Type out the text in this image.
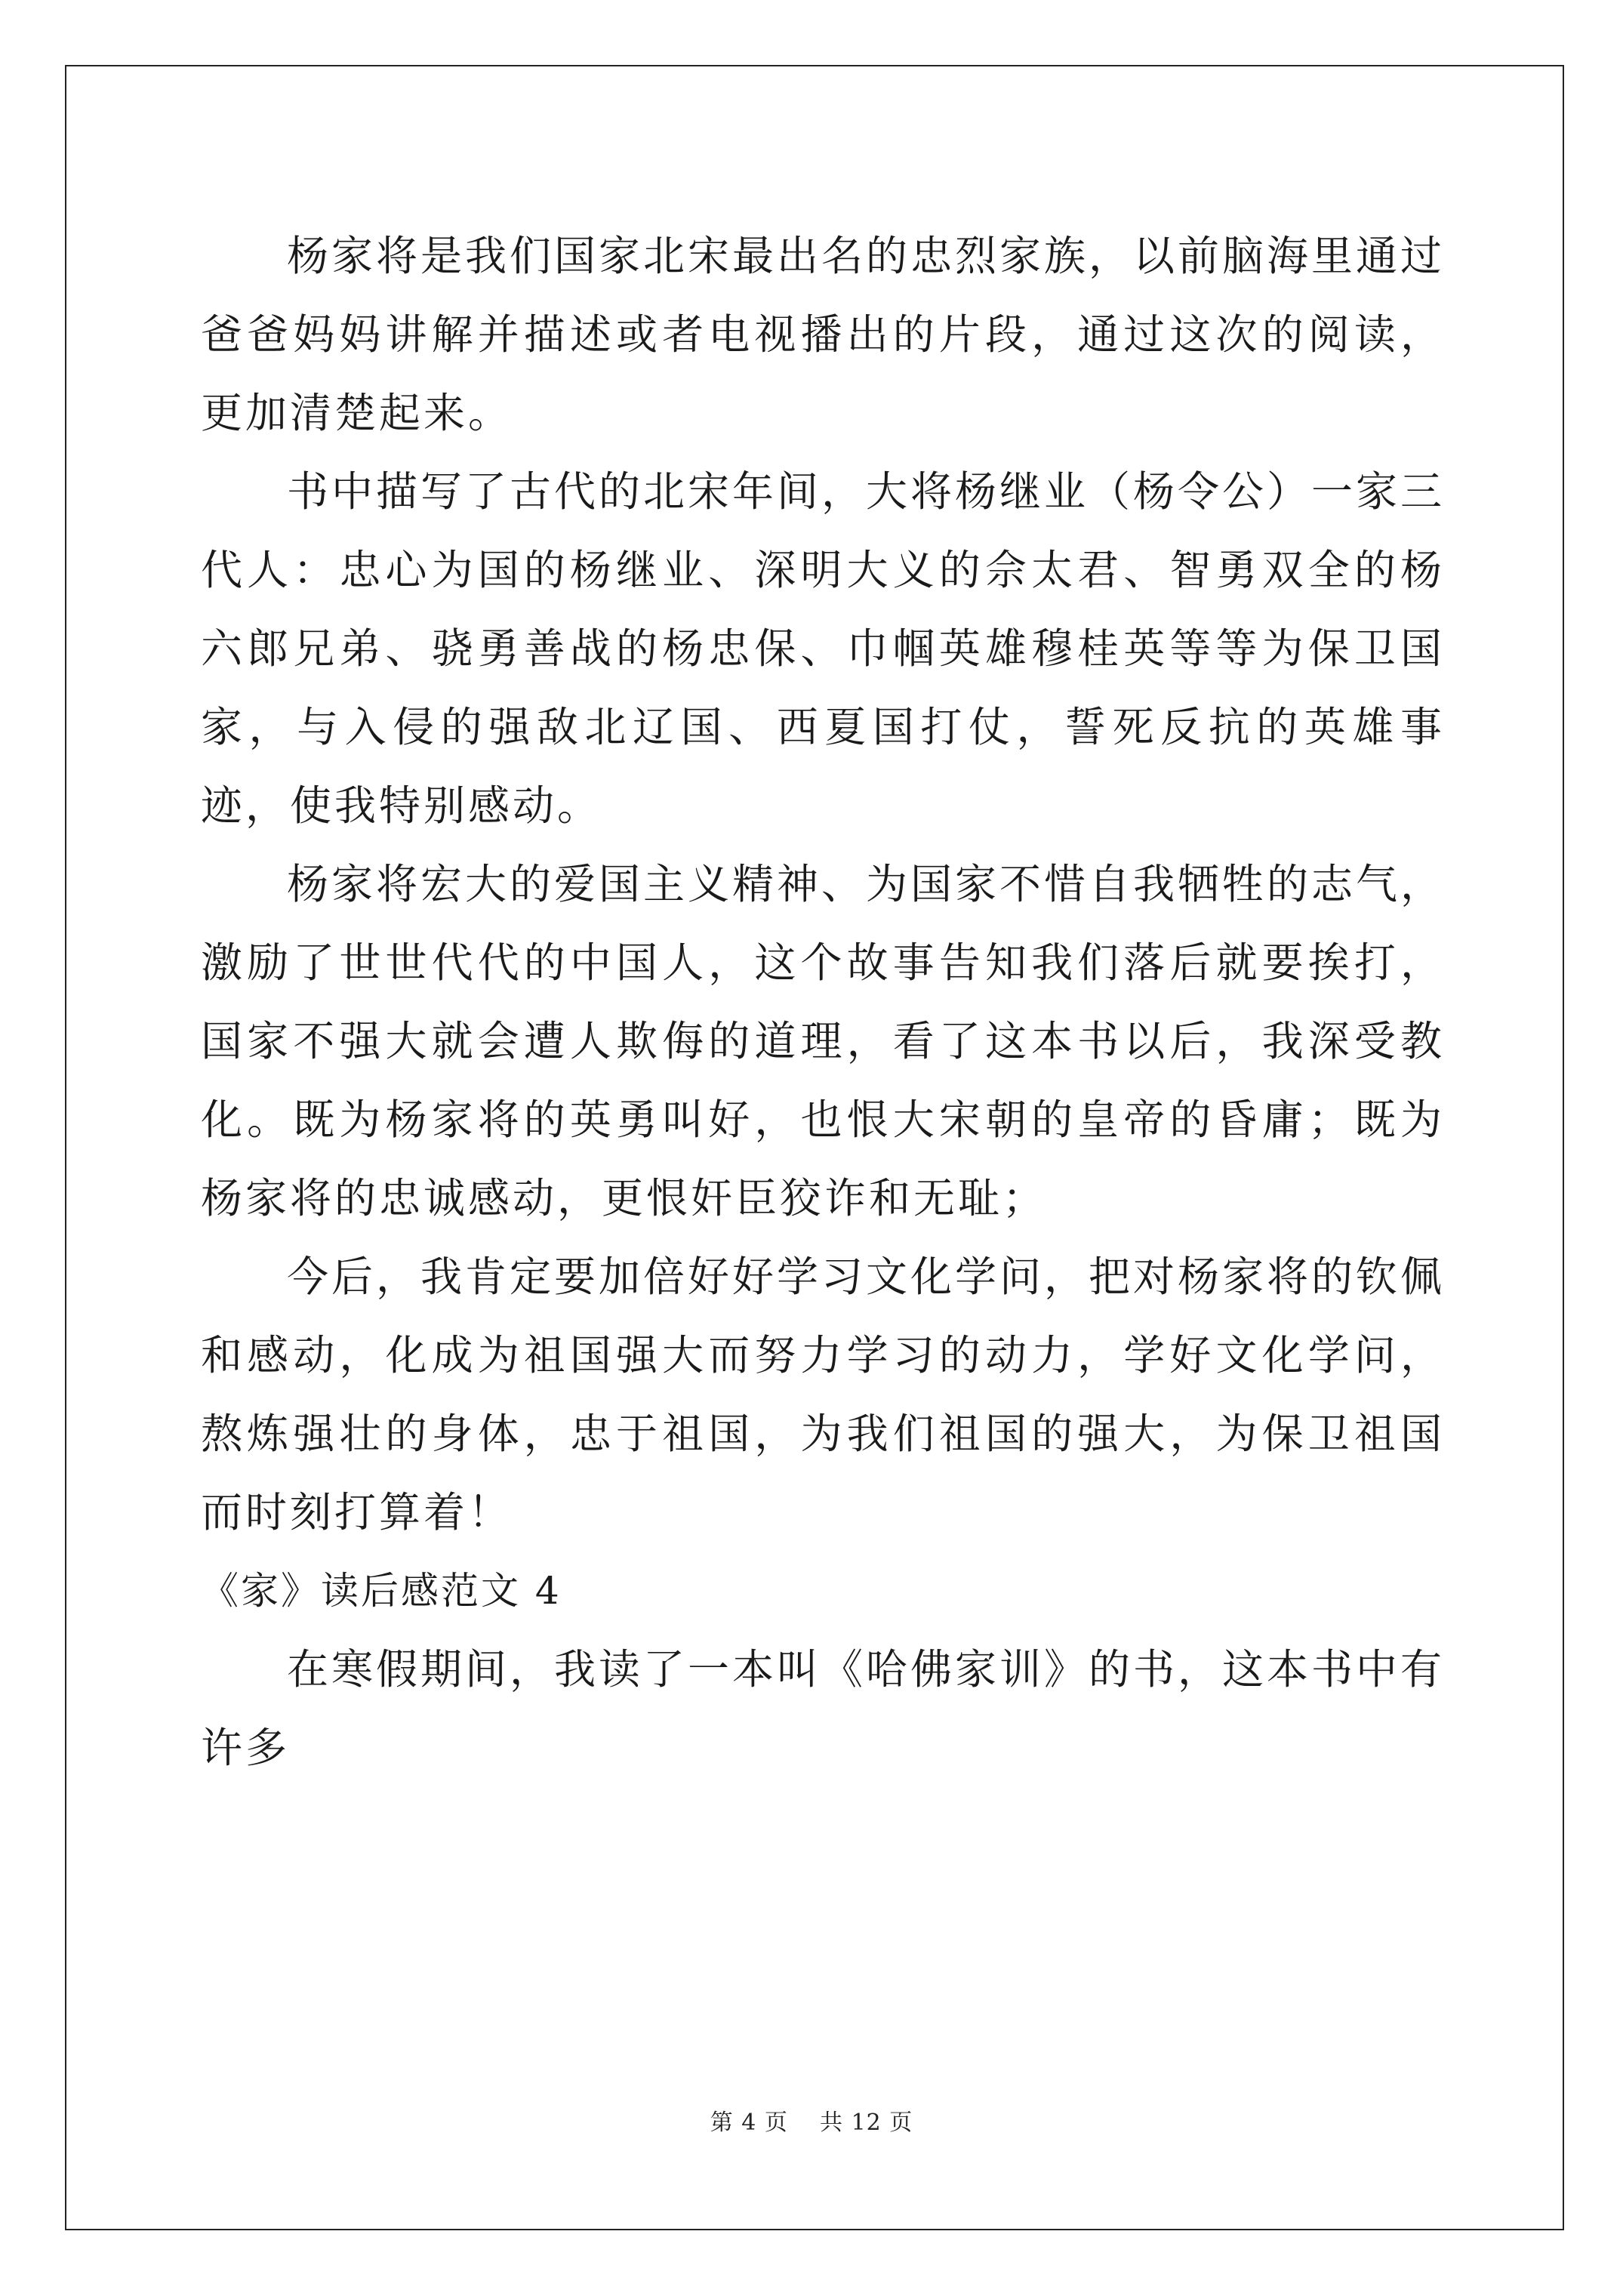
杨家将是我们国家北宋最出名的忠烈家族，以前脑海里通过爸爸妈妈讲解并描述或者电视播出的片段，通过这次的阅读，更加清楚起来。

书中描写了古代的北宋年间，大将杨继业（杨令公）一家三代人：忠心为国的杨继业、深明大义的佘太君、智勇双全的杨六郎兄弟、骁勇善战的杨忠保、巾帼英雄穆桂英等等为保卫国家，与入侵的强敌北辽国、西夏国打仗，誓死反抗的英雄事迹，使我特别感动。

杨家将宏大的爱国主义精神、为国家不惜自我牺牲的志气，激励了世世代代的中国人，这个故事告知我们落后就要挨打，国家不强大就会遭人欺侮的道理，看了这本书以后，我深受教化。既为杨家将的英勇叫好，也恨大宋朝的皇帝的昏庸；既为杨家将的忠诚感动，更恨奸臣狡诈和无耻；

今后，我肯定要加倍好好学习文化学问，把对杨家将的钦佩和感动，化成为祖国强大而努力学习的动力，学好文化学问，熬炼强壮的身体，忠于祖国，为我们祖国的强大，为保卫祖国而时刻打算着！

《家》读后感范文 4

在寒假期间，我读了一本叫《哈佛家训》的书，这本书中有许多

第 4 页 共 12 页
